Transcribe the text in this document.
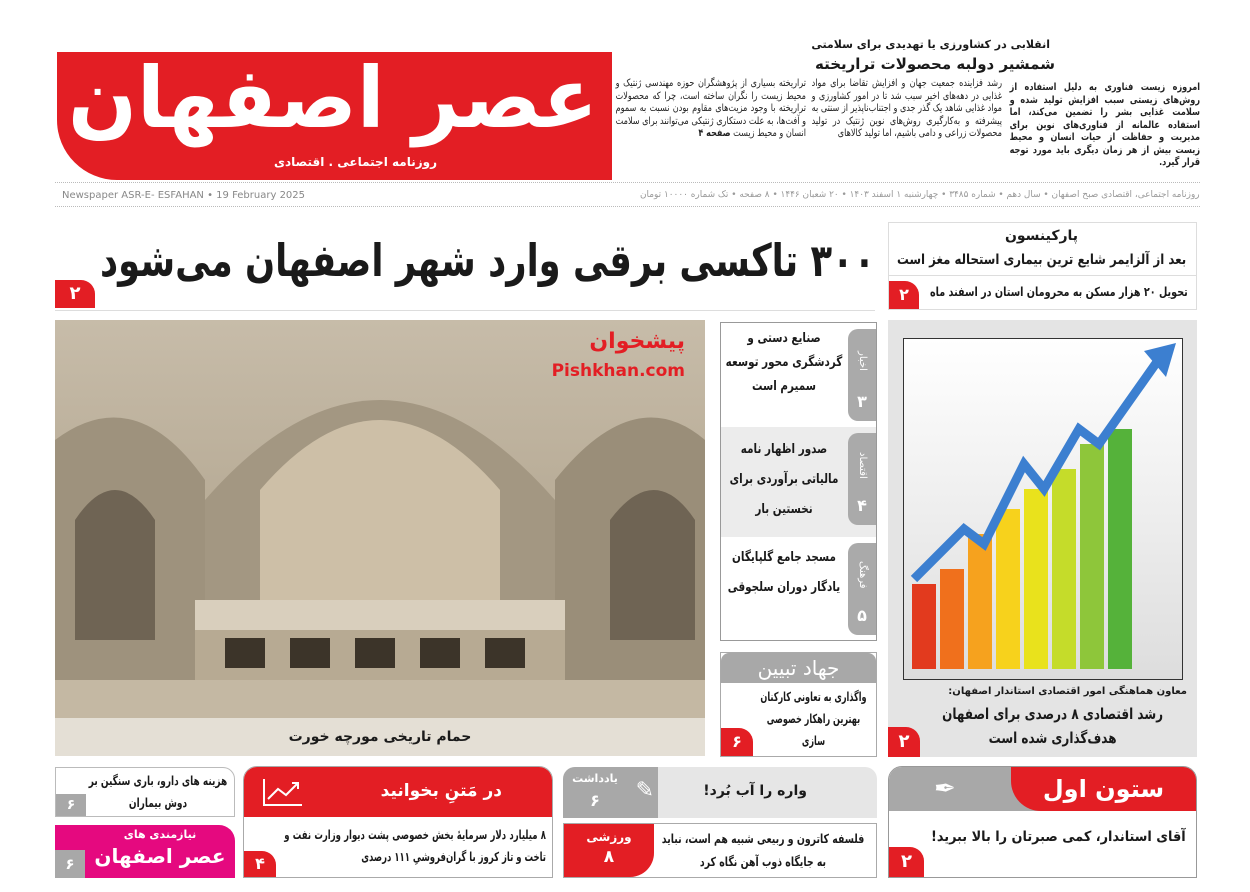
عصر اصفهان
روزنامه اجتماعی . اقتصادی
انقلابی در کشاورزی یا تهدیدی برای سلامتی
شمشیر دولبه محصولات تراریخته
امروزه زیست فناوری به دلیل استفاده از روش‌های زیستی سبب افزایش تولید شده و سلامت غذایی بشر را تضمین می‌کند، اما استفاده عالمانه از فناوری‌های نوین برای مدیریت و حفاظت از حیات انسان و محیط زیست بیش از هر زمان دیگری باید مورد توجه قرار گیرد.
رشد فزاینده جمعیت جهان و افزایش تقاضا برای مواد غذایی در دهه‌های اخیر سبب شد تا در امور کشاورزی و مواد غذایی شاهد یک گذر جدی و اجتناب‌ناپذیر از سنتی به پیشرفته و به‌کارگیری روش‌های نوین ژنتیک در تولید محصولات زراعی و دامی باشیم، اما تولید کالاهای
تراریخته بسیاری از پژوهشگران حوزه مهندسی ژنتیک و محیط زیست را نگران ساخته است، چرا که محصولات تراریخته با وجود مزیت‌های مقاوم بودن نسبت به سموم و آفت‌ها، به علت دستکاری ژنتیکی می‌توانند برای سلامت انسان و محیط زیست صفحه ۴
Newspaper ASR-E- ESFAHAN • 19 February 2025	روزنامه اجتماعی، اقتصادی صبح اصفهان • سال دهم • شماره ۳۴۸۵ • چهارشنبه ۱ اسفند ۱۴۰۳ • ۲۰ شعبان ۱۴۴۶ • ۸ صفحه • تک شماره ۱۰۰۰۰ تومان
۳۰۰ تاکسی برقی وارد شهر اصفهان می‌شود
۲
پارکینسون
بعد از آلزایمر شایع ترین بیماری استحاله مغز است
تحویل ۲۰ هزار مسکن به محرومان استان در اسفند ماه
۲
پیشخوان
Pishkhan.com
حمام تاریخی مورچه خورت
اخبار
۳
صنایع دستی و گردشگری محور توسعه سمیرم است
اقتصاد
۴
صدور اظهار نامه مالیاتی برآوردی برای نخستین بار
فرهنگ
۵
مسجد جامع گلپایگان یادگار دوران سلجوقی
جهاد تبیین
واگذاری به تعاونی کارکنان بهترین راهکار خصوصی سازی
۶
معاون هماهنگی امور اقتصادی استاندار اصفهان:
رشد اقتصادی ۸ درصدی برای اصفهان هدف‌گذاری شده است
۲
ستون اول
✒
آقای استاندار، کمی صبرتان را بالا ببرید!
۲
یادداشت
۶	✎	واره را آب بُرد!
ورزشی
۸
فلسفه کاترون و ربیعی شبیه هم است، نباید به جایگاه ذوب آهن نگاه کرد
در مَتنِ بخوانید
۸ میلیارد دلار سرمایهٔ بخش خصوصی پشت دیوار وزارت نفت و تاخت و تاز کروز با گران‌فروشیِ ۱۱۱ درصدی
۴
هزینه های دارو، باری سنگین بر دوش بیماران
۶
نیازمندی های
عصر اصفهان
۶
